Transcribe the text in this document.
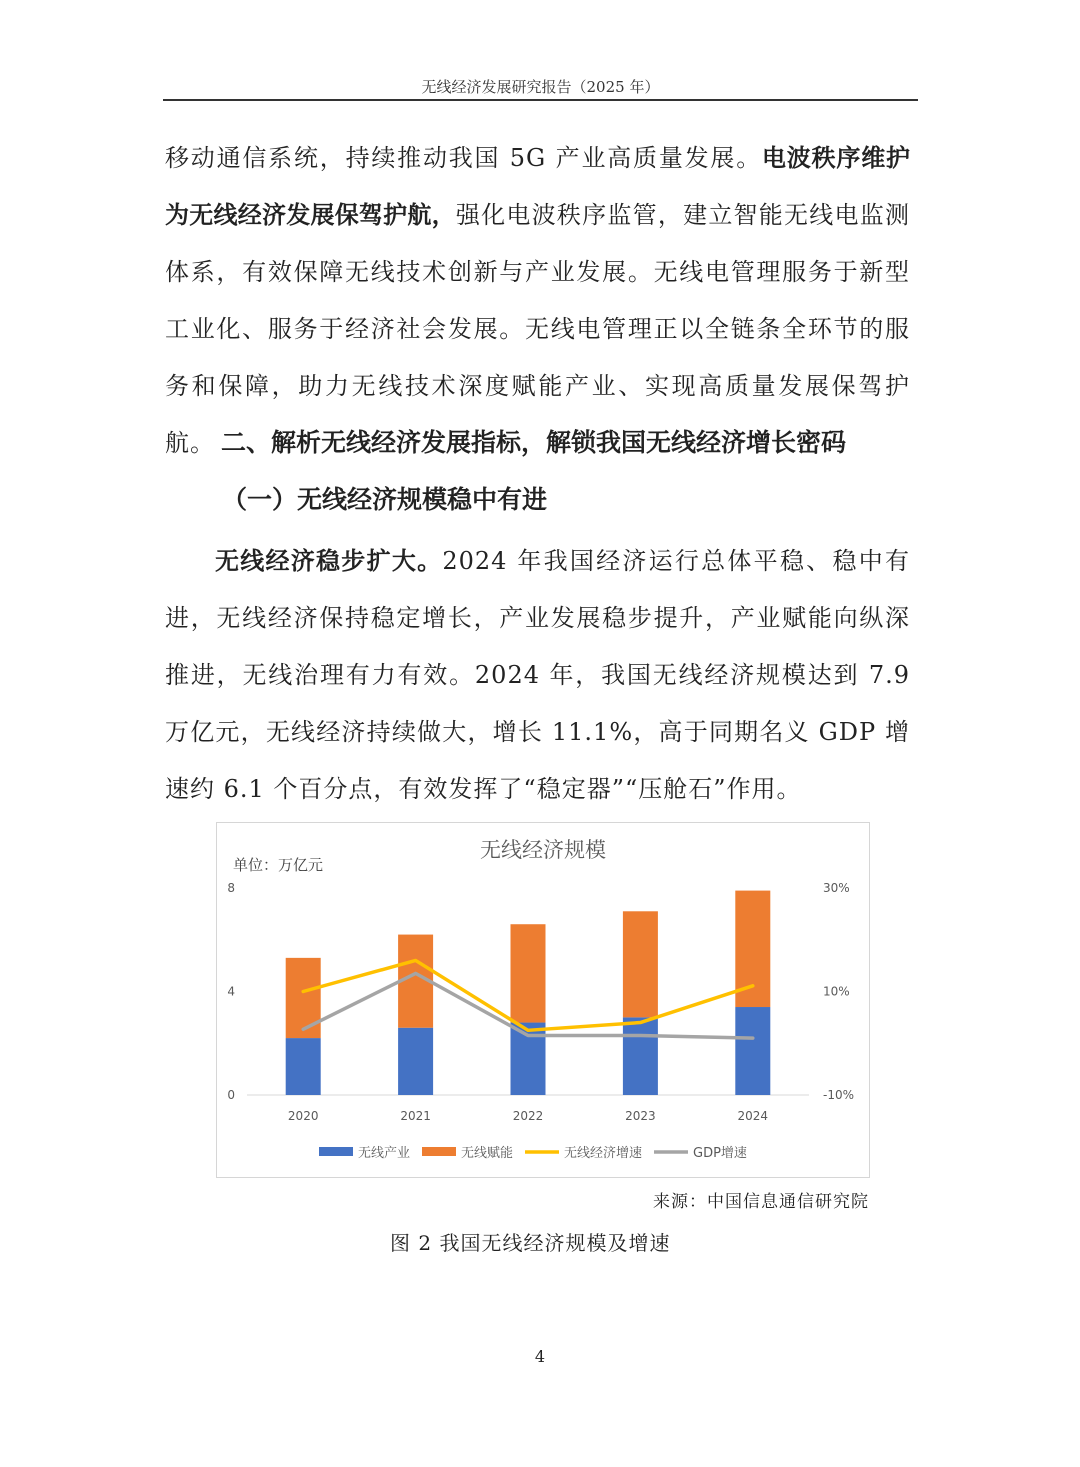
无线经济发展研究报告（2025 年）

移动通信系统，持续推动我国 5G 产业高质量发展。电波秩序维护为无线经济发展保驾护航，强化电波秩序监管，建立智能无线电监测体系，有效保障无线技术创新与产业发展。无线电管理服务于新型工业化、服务于经济社会发展。无线电管理正以全链条全环节的服务和保障，助力无线技术深度赋能产业、实现高质量发展保驾护航。 二、解析无线经济发展指标，解锁我国无线经济增长密码
（一）无线经济规模稳中有进

无线经济稳步扩大。2024 年我国经济运行总体平稳、稳中有进，无线经济保持稳定增长，产业发展稳步提升，产业赋能向纵深推进，无线治理有力有效。2024 年，我国无线经济规模达到 7.9 万亿元，无线经济持续做大，增长 11.1%，高于同期名义 GDP 增速约 6.1 个百分点，有效发挥了“稳定器”“压舱石”作用。

无线经济规模
单位：万亿元
0
4
8
-10%
10%
30%
2020	2021	2022	2023	2024
无线产业	无线赋能	无线经济增速	GDP增速
来源：中国信息通信研究院
图 2 我国无线经济规模及增速
4
